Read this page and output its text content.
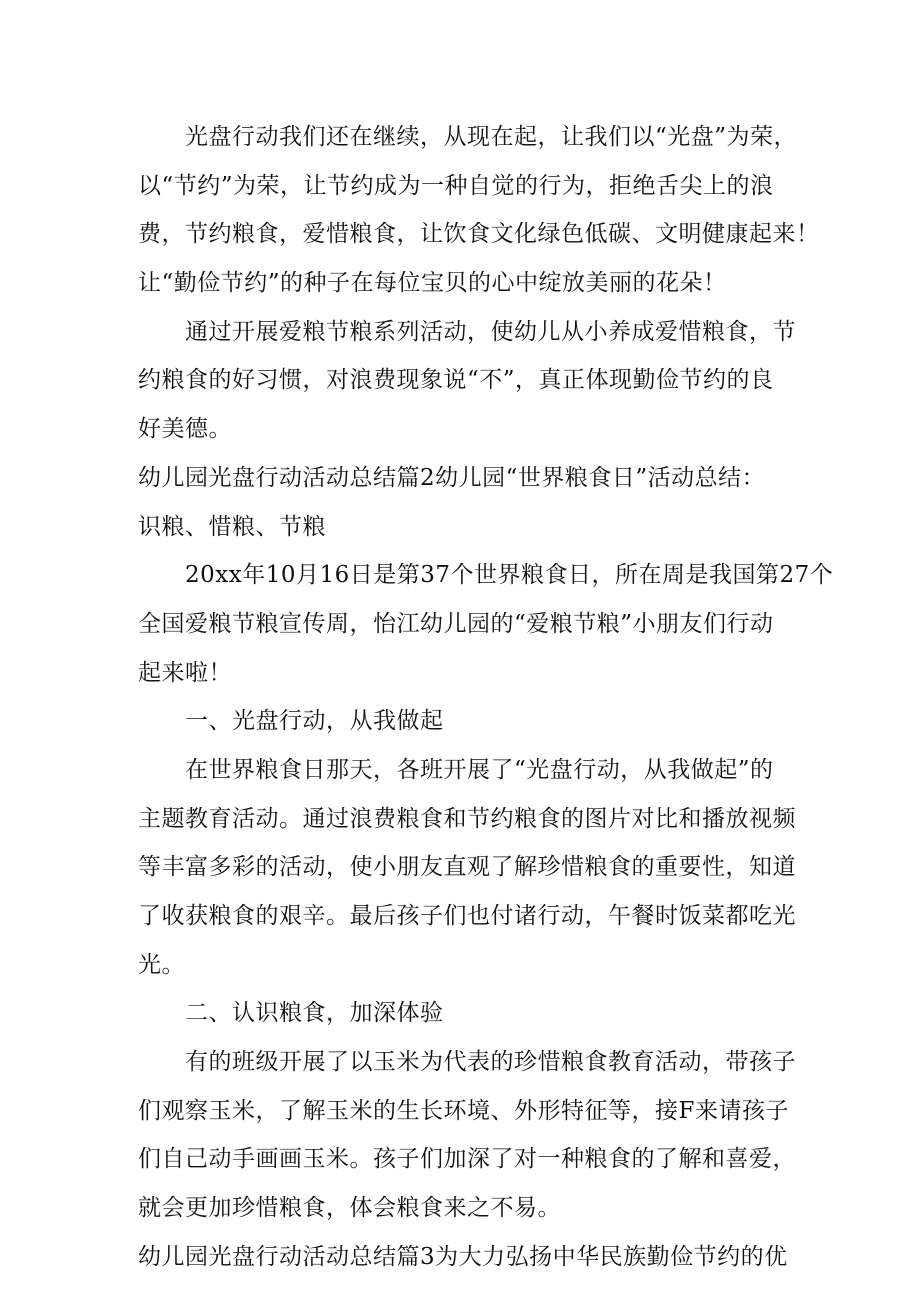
光盘行动我们还在继续，从现在起，让我们以“光盘”为荣，
以“节约”为荣，让节约成为一种自觉的行为，拒绝舌尖上的浪
费，节约粮食，爱惜粮食，让饮食文化绿色低碳、文明健康起来！
让“勤俭节约”的种子在每位宝贝的心中绽放美丽的花朵！
通过开展爱粮节粮系列活动，使幼儿从小养成爱惜粮食，节
约粮食的好习惯，对浪费现象说“不”，真正体现勤俭节约的良
好美德。
幼儿园光盘行动活动总结篇2幼儿园“世界粮食日”活动总结：
识粮、惜粮、节粮
20xx年10月16日是第37个世界粮食日，所在周是我国第27个
全国爱粮节粮宣传周，怡江幼儿园的“爱粮节粮”小朋友们行动
起来啦！
一、光盘行动，从我做起
在世界粮食日那天，各班开展了“光盘行动，从我做起”的
主题教育活动。通过浪费粮食和节约粮食的图片对比和播放视频
等丰富多彩的活动，使小朋友直观了解珍惜粮食的重要性，知道
了收获粮食的艰辛。最后孩子们也付诸行动，午餐时饭菜都吃光
光。
二、认识粮食，加深体验
有的班级开展了以玉米为代表的珍惜粮食教育活动，带孩子
们观察玉米，了解玉米的生长环境、外形特征等，接F来请孩子
们自己动手画画玉米。孩子们加深了对一种粮食的了解和喜爱，
就会更加珍惜粮食，体会粮食来之不易。
幼儿园光盘行动活动总结篇3为大力弘扬中华民族勤俭节约的优
